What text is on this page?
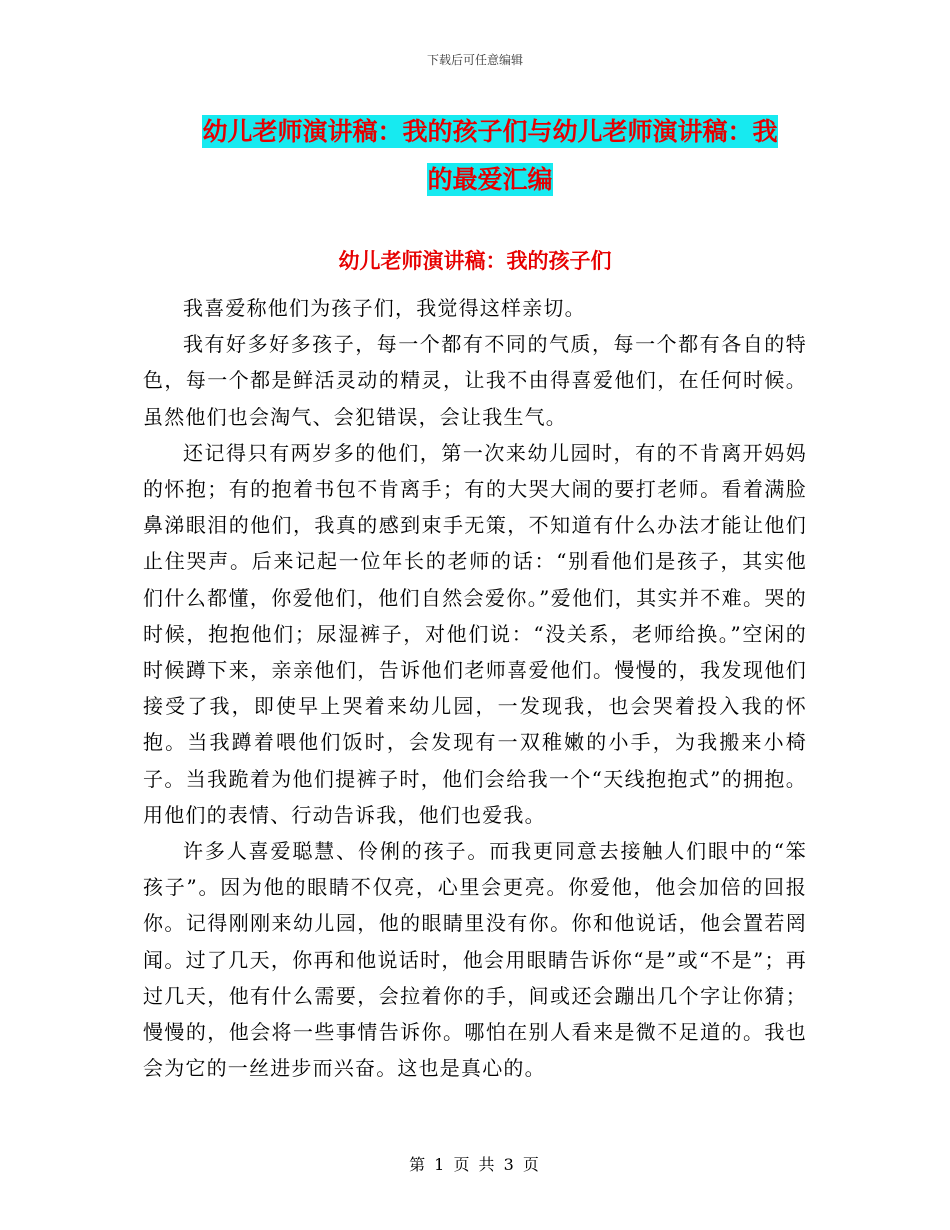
下载后可任意编辑
幼儿老师演讲稿：我的孩子们与幼儿老师演讲稿：我
的最爱汇编
幼儿老师演讲稿：我的孩子们

我喜爱称他们为孩子们，我觉得这样亲切。

我有好多好多孩子，每一个都有不同的气质，每一个都有各自的特色，每一个都是鲜活灵动的精灵，让我不由得喜爱他们，在任何时候。虽然他们也会淘气、会犯错误，会让我生气。

还记得只有两岁多的他们，第一次来幼儿园时，有的不肯离开妈妈的怀抱；有的抱着书包不肯离手；有的大哭大闹的要打老师。看着满脸鼻涕眼泪的他们，我真的感到束手无策，不知道有什么办法才能让他们止住哭声。后来记起一位年长的老师的话：“别看他们是孩子，其实他们什么都懂，你爱他们，他们自然会爱你。”爱他们，其实并不难。哭的时候，抱抱他们；尿湿裤子，对他们说：“没关系，老师给换。”空闲的时候蹲下来，亲亲他们，告诉他们老师喜爱他们。慢慢的，我发现他们接受了我，即使早上哭着来幼儿园，一发现我，也会哭着投入我的怀抱。当我蹲着喂他们饭时，会发现有一双稚嫩的小手，为我搬来小椅子。当我跪着为他们提裤子时，他们会给我一个“天线抱抱式”的拥抱。用他们的表情、行动告诉我，他们也爱我。

许多人喜爱聪慧、伶俐的孩子。而我更同意去接触人们眼中的“笨孩子”。因为他的眼睛不仅亮，心里会更亮。你爱他，他会加倍的回报你。记得刚刚来幼儿园，他的眼睛里没有你。你和他说话，他会置若罔闻。过了几天，你再和他说话时，他会用眼睛告诉你“是”或“不是”；再过几天，他有什么需要，会拉着你的手，间或还会蹦出几个字让你猜；慢慢的，他会将一些事情告诉你。哪怕在别人看来是微不足道的。我也会为它的一丝进步而兴奋。这也是真心的。

第 1 页 共 3 页
